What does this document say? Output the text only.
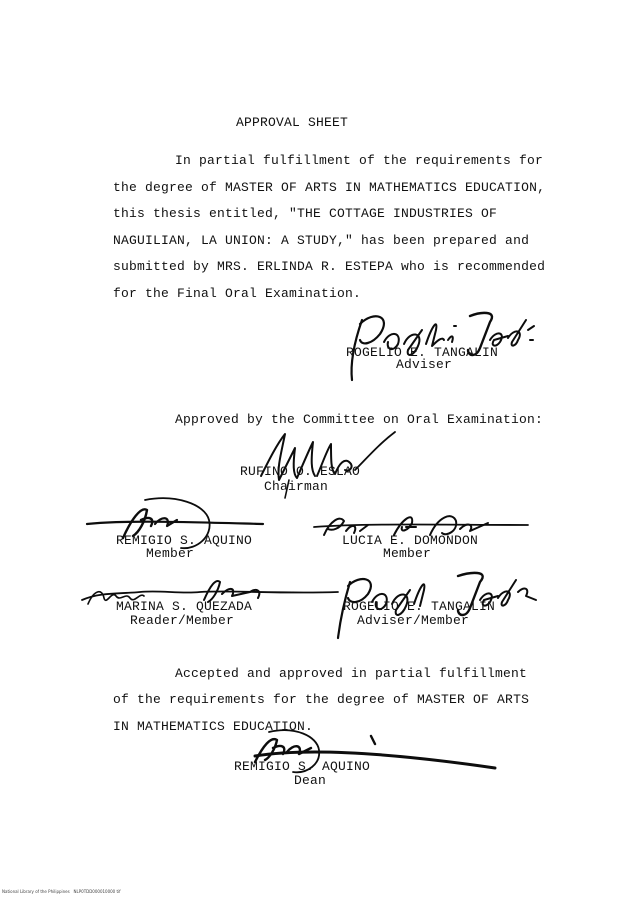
APPROVAL SHEET
In partial fulfillment of the requirements for
the degree of MASTER OF ARTS IN MATHEMATICS EDUCATION,
this thesis entitled, "THE COTTAGE INDUSTRIES OF
NAGUILIAN, LA UNION: A STUDY," has been prepared and
submitted by MRS. ERLINDA R. ESTEPA who is recommended
for the Final Oral Examination.
ROGELIO E. TANGALIN
Adviser
Approved by the Committee on Oral Examination:
RUFINO O. ESLAO
Chairman
REMIGIO S. AQUINO
Member
LUCIA E. DOMONDON
Member
MARINA S. QUEZADA
Reader/Member
ROGELIO E. TANGALIN
Adviser/Member
Accepted and approved in partial fulfillment
of the requirements for the degree of MASTER OF ARTS
IN MATHEMATICS EDUCATION.
REMIGIO S. AQUINO
Dean
National Library of the Philippines   NLP0TDD000010000 tif
